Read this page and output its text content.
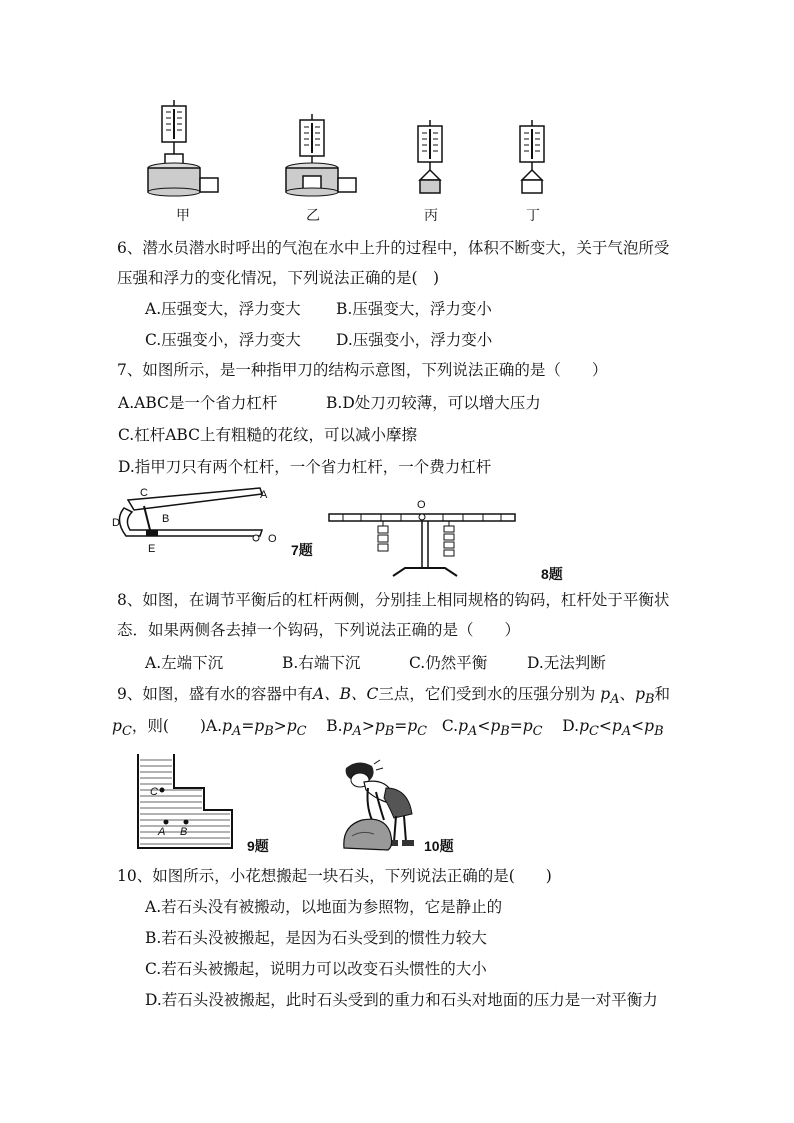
甲	乙	丙	丁
6、潜水员潜水时呼出的气泡在水中上升的过程中，体积不断变大，关于气泡所受
压强和浮力的变化情况，下列说法正确的是(　)
A.压强变大，浮力变大 B.压强变大，浮力变小
C.压强变小，浮力变大 D.压强变小，浮力变小
7、如图所示，是一种指甲刀的结构示意图，下列说法正确的是（　　）
A.ABC是一个省力杠杆	B.D处刀刃较薄，可以增大压力
C.杠杆ABC上有粗糙的花纹，可以减小摩擦
D.指甲刀只有两个杠杆，一个省力杠杆，一个费力杠杆
C	A
D	B
E
O
7题
O
8题
8、如图，在调节平衡后的杠杆两侧，分别挂上相同规格的钩码，杠杆处于平衡状
态．如果两侧各去掉一个钩码，下列说法正确的是（　　）
A.左端下沉	B.右端下沉	C.仍然平衡	D.无法判断
9、如图，盛有水的容器中有A、B、C三点，它们受到水的压强分别为 $p_A$、$p_B$和
$p_C$，则(　　)$A.p_A=p_B>p_C$ $B.p_A>p_B=p_C$ $C.p_A<p_B=p_C$ $D.p_C<p_A<p_B$
C
A B
9题	10题
10、如图所示，小花想搬起一块石头，下列说法正确的是(　　)
A.若石头没有被搬动，以地面为参照物，它是静止的
B.若石头没被搬起，是因为石头受到的惯性力较大
C.若石头被搬起，说明力可以改变石头惯性的大小
D.若石头没被搬起，此时石头受到的重力和石头对地面的压力是一对平衡力
